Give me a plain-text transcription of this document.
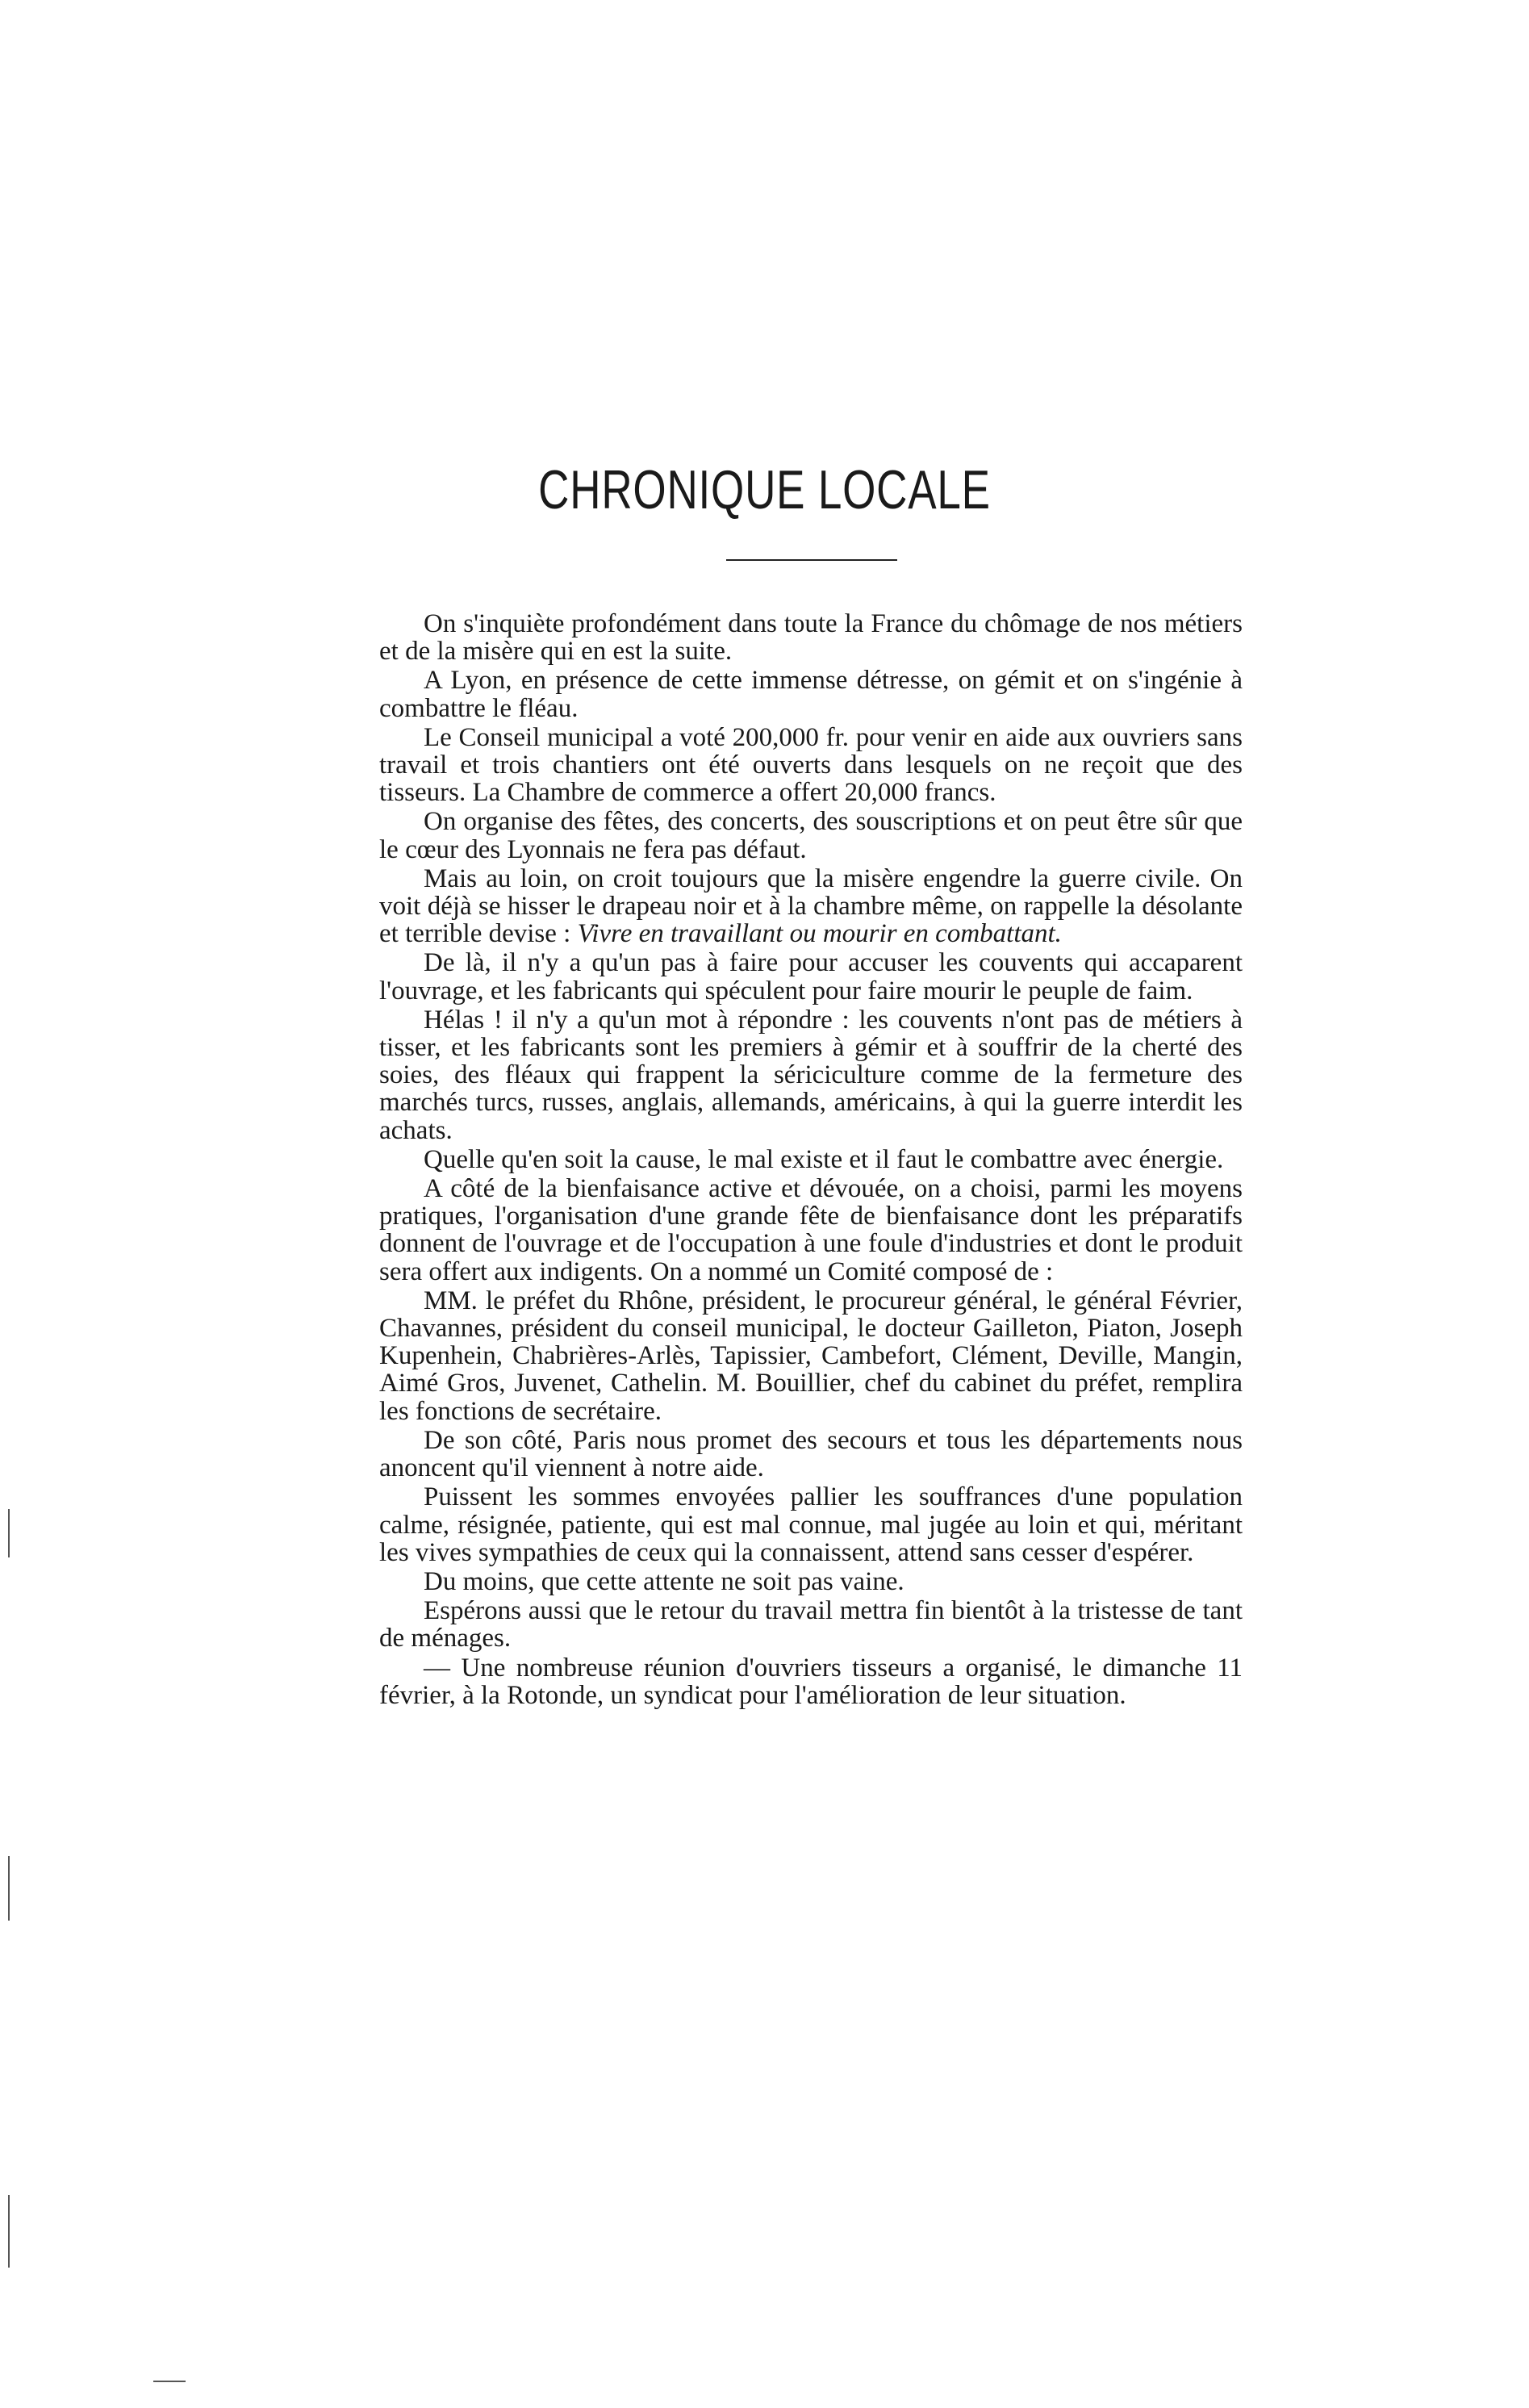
CHRONIQUE LOCALE

On s'inquiète profondément dans toute la France du chômage de nos métiers et de la misère qui en est la suite.

A Lyon, en présence de cette immense détresse, on gémit et on s'ingénie à combattre le fléau.

Le Conseil municipal a voté 200,000 fr. pour venir en aide aux ouvriers sans travail et trois chantiers ont été ouverts dans lesquels on ne reçoit que des tisseurs. La Chambre de commerce a offert 20,000 francs.

On organise des fêtes, des concerts, des souscriptions et on peut être sûr que le cœur des Lyonnais ne fera pas défaut.

Mais au loin, on croit toujours que la misère engendre la guerre civile. On voit déjà se hisser le drapeau noir et à la chambre même, on rappelle la désolante et terrible devise : Vivre en travaillant ou mourir en combattant.

De là, il n'y a qu'un pas à faire pour accuser les couvents qui accaparent l'ouvrage, et les fabricants qui spéculent pour faire mourir le peuple de faim.

Hélas ! il n'y a qu'un mot à répondre : les couvents n'ont pas de métiers à tisser, et les fabricants sont les premiers à gémir et à souffrir de la cherté des soies, des fléaux qui frappent la sériciculture comme de la fermeture des marchés turcs, russes, anglais, allemands, américains, à qui la guerre interdit les achats.

Quelle qu'en soit la cause, le mal existe et il faut le combattre avec énergie.

A côté de la bienfaisance active et dévouée, on a choisi, parmi les moyens pratiques, l'organisation d'une grande fête de bienfaisance dont les préparatifs donnent de l'ouvrage et de l'occupation à une foule d'industries et dont le produit sera offert aux indigents. On a nommé un Comité composé de :

MM. le préfet du Rhône, président, le procureur général, le général Février, Chavannes, président du conseil municipal, le docteur Gailleton, Piaton, Joseph Kupenhein, Chabrières-Arlès, Tapissier, Cambefort, Clément, Deville, Mangin, Aimé Gros, Juvenet, Cathelin. M. Bouillier, chef du cabinet du préfet, remplira les fonctions de secrétaire.

De son côté, Paris nous promet des secours et tous les départements nous anoncent qu'il viennent à notre aide.

Puissent les sommes envoyées pallier les souffrances d'une population calme, résignée, patiente, qui est mal connue, mal jugée au loin et qui, méritant les vives sympathies de ceux qui la connaissent, attend sans cesser d'espérer.

Du moins, que cette attente ne soit pas vaine.

Espérons aussi que le retour du travail mettra fin bientôt à la tristesse de tant de ménages.

— Une nombreuse réunion d'ouvriers tisseurs a organisé, le dimanche 11 février, à la Rotonde, un syndicat pour l'amélioration de leur situation.
